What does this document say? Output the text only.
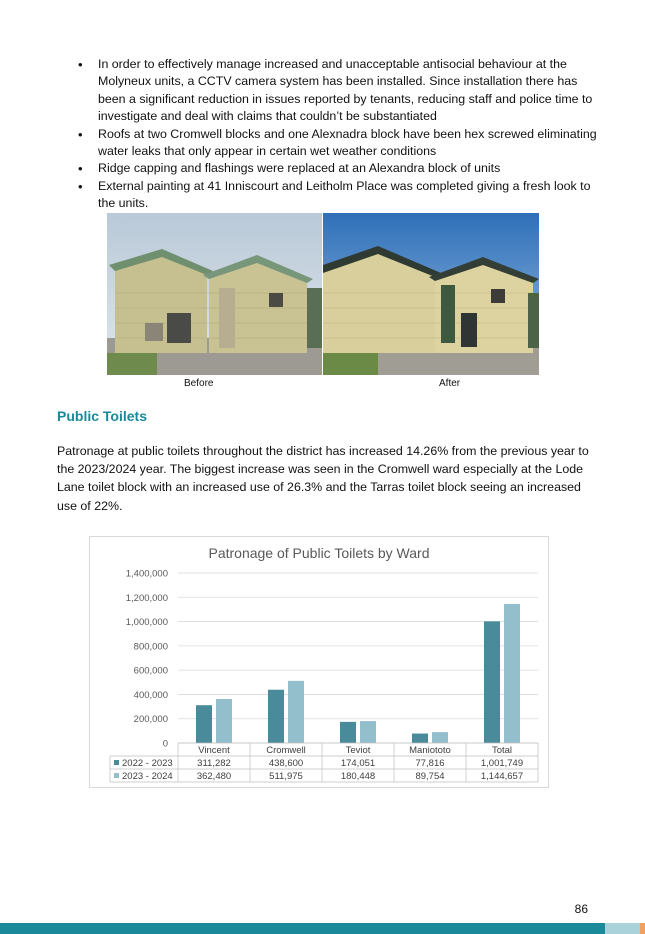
• In order to effectively manage increased and unacceptable antisocial behaviour at the Molyneux units, a CCTV camera system has been installed. Since installation there has been a significant reduction in issues reported by tenants, reducing staff and police time to investigate and deal with claims that couldn’t be substantiated
• Roofs at two Cromwell blocks and one Alexnadra block have been hex screwed eliminating water leaks that only appear in certain wet weather conditions
• Ridge capping and flashings were replaced at an Alexandra block of units
• External painting at 41 Inniscourt and Leitholm Place was completed giving a fresh look to the units.
Before	After
Public Toilets

Patronage at public toilets throughout the district has increased 14.26% from the previous year to the 2023/2024 year. The biggest increase was seen in the Cromwell ward especially at the Lode Lane toilet block with an increased use of 26.3% and the Tarras toilet block seeing an increased use of 22%.

Patronage of Public Toilets by Ward
0
200,000
400,000
600,000
800,000
1,000,000
1,200,000
1,400,000
Vincent	Cromwell	Teviot	Maniototo	Total
2022 - 2023	311,282	438,600	174,051	77,816	1,001,749
2023 - 2024	362,480	511,975	180,448	89,754	1,144,657
86
